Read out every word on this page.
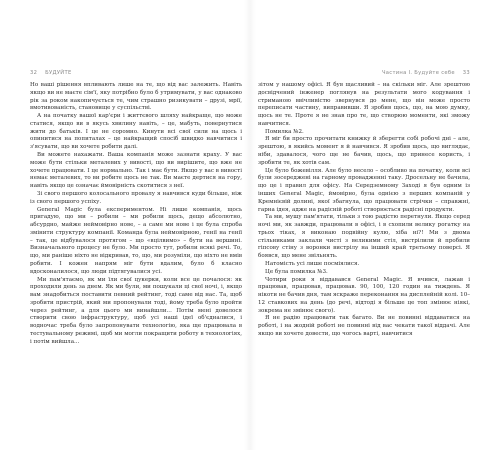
32 БУДУЙТЕ	Частина І. Будуйте себе 33

Но ваші рішення впливають лише на те, що від вас залежить. Навіть якщо ви не маєте сім'ї, яку потрібно було б утримувати, у вас однаково рік за роком накопичується те, чим страшно ризикувати – друзі, мрії, вмотивованість, становище у суспільстві.

А на початку вашої кар'єри і життєвого шляху найкраще, що може статися, якщо ви в якусь хвилину навіть, – це, мабуть, повернутися жити до батьків. І це не соромно. Кинути всі свої сили на щось і опинитися на попиталах – це найкращий спосіб швидко навчитися і з'ясувати, що ви хочете робити далі.

Ви можете нахажати. Ваша компанія може зазнати краху. У вас може бути стільки металевих у вивості, що ви вирішите, що вже не хочете працювати. І це нормально. Так і має бути. Якщо у вас в вивості немає металевих, то ви робите щось не так. Ви маєте дертися на гору, навіть якщо це означає ймовірність скотитися з неї.

Зі свого першого колосального провалу я навчився куди більше, ніж із свого першого успіху.

General Magic була експериментом. Ні лише компанія, щось пригадую, що ми – робили – ми робили щось, дещо абсолютно, абсурдно, майже неймовірно нове, – а саме ми нове і це була спроба змінити структуру компанії. Команда була неймовірною, генії на генії – так, це відбувалося протягом – що «вцілвимо» – бути на вершині. Визначального процесу не було. Ми просто тут, робили всякі речі. То, що, ми раніше ніхто не відкривав, то, що, ми розуміли, що ніхто не вмів робити. І кожен напрям міг бути вдалим, було б класно вдосконалилося, що люди підтягувалися усі.

Ми пам'ятаємо, як ми їли свої цукерки, коли все це почалося: як проходили день за днем. Як ми були, ми пошукали ці свої ночі, і, якщо вам знадобиться поставити певний рейтинг, тоді саме від нас. Та, щоб зробити пристрій, який ми пропонували тоді, йому треба було пройти через рейтинг, а для цього ми винайшли... Потім мені довелося створити свою інфраструктуру, щоб усі наші ідеї об'єдналися, і водночас треба було запропонувати технологію, яка ще працювала в тестувальному режимі, щоб ми могли покращити роботу в технологіях, і потім вийшла...

зітом у нашому офісі. Я був щасливий – на скільки міг. Але зрештою досвідчений інженер поглянув на результати мого кодування і стриманою ввічливістю звернувся до мене, що він може просто переписати частину, виправивши. Я зробив щось, що, на мою думку, щось не те. Проте я не знав про те, що створюю моменти, які зможу навчитися.

Помилка №2.

Я міг би просто прочитати книжку й зберегти собі робочі дні – але, зрештою, в якийсь момент я й навчився. Я зробив щось, що виглядає, ніби, здавалося, чого ще не бачив, щось, що принесе користь, і зробити те, як хотів сам.

Це було божевілля. Але було весело – особливо на початку, коли всі були зосереджені на гарному провадженні таку. Дросельну не бачила, що це і правил для офісу. На Середземному Заході я був одним із інших General Magic, ймовірно, була однією з перших компаній у Кремнієвій долині, якої збагнула, що працювати стрічки – справжні, гарна ідея, адже на радісній роботі створюється радісні продукти.

Та ми, мушу пам'ятати, тільки з тою радістю перетнули. Якщо серед ночі ми, як завжди, працювали в офісі, і в схопили велику рогатку на трьох тіках, я виконаю подвійну кулю, хіба ні?! Ми з двома стільниками заклали чисті з великими стіл, вистрілили й пробили гіпсову стіну з воронки вистрілу на інший край третьому поверсі. Я боявся, що мене звільнять.

Натомість усі лише посміялися.

Це була помилка №3.

Чотири роки я віддавався General Magic. Я вчився, лажав і працював, працював, працював. 90, 100, 120 годин на тиждень. Я нікоти не бачив дня, там яскраже переконання на дисплейній колі. 10–12 ставкових на день (до речі, відтоді я більше це топ змінює ніякі, зокрема не змінює свого).

Я не радію працювати так багато. Ви не повинні віддаватися на роботі, і на жодній роботі не повинні від вас чекати такої віддачі. Але якщо ви хочете довести, що чогось варті, навчитися
